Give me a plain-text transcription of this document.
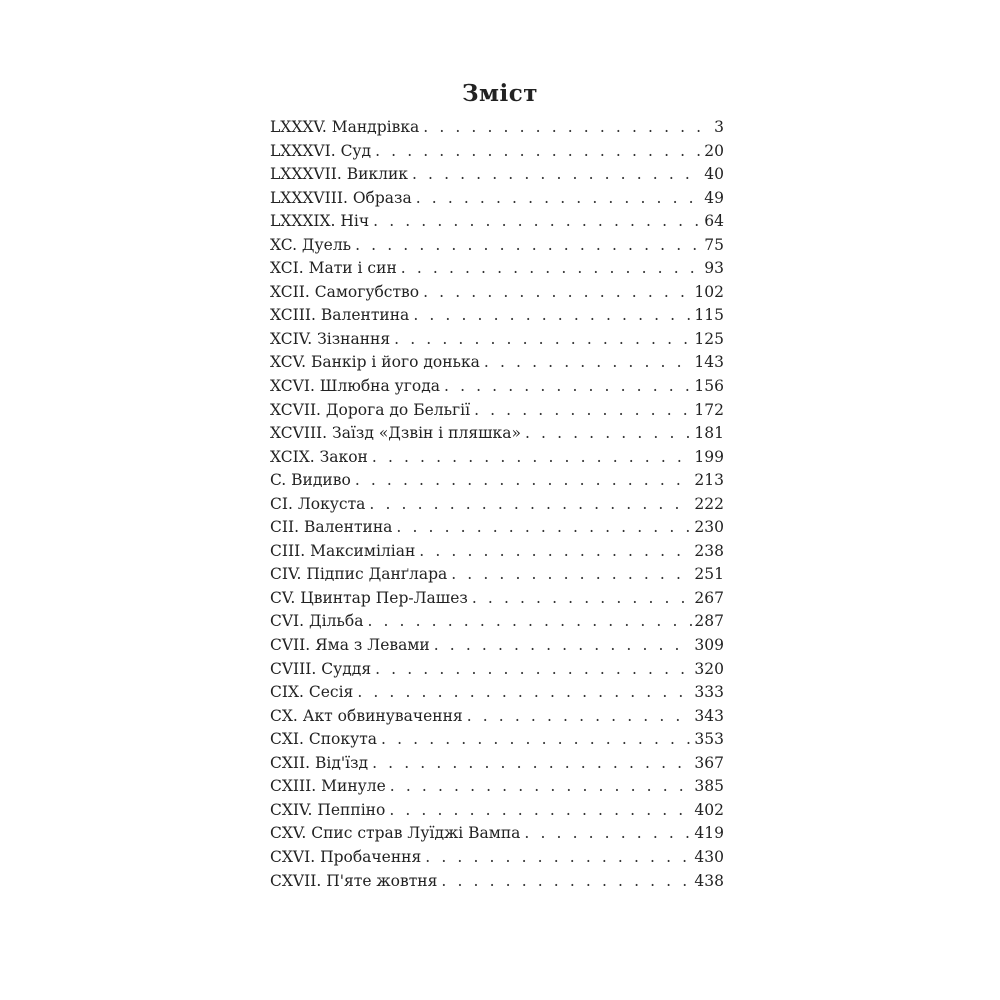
Зміст
LXXXV. Мандрівка . . .	3
LXXXVI. Суд . . .	20
LXXXVII. Виклик . . .	40
LXXXVIII. Образа . . .	49
LXXXIX. Ніч . . .	64
XC. Дуель . . .	75
XCI. Мати і син . . .	93
XCII. Самогубство . . .	102
XCIII. Валентина . . .	115
XCIV. Зізнання . . .	125
XCV. Банкір і його донька . . .	143
XCVI. Шлюбна угода . . .	156
XCVII. Дорога до Бельгії . . .	172
XCVIII. Заїзд «Дзвін і пляшка» . . .	181
XCIX. Закон . . .	199
C. Видиво . . .	213
CI. Локуста . . .	222
CII. Валентина . . .	230
CIII. Максиміліан . . .	238
CIV. Підпис Данґлара . . .	251
CV. Цвинтар Пер-Лашез . . .	267
CVI. Дільба . . .	287
CVII. Яма з Левами . . .	309
CVIII. Суддя . . .	320
CIX. Сесія . . .	333
CX. Акт обвинувачення . . .	343
CXI. Спокута . . .	353
CXII. Від'їзд . . .	367
CXIII. Минуле . . .	385
CXIV. Пеппіно . . .	402
CXV. Спис страв Луїджі Вампа . . .	419
CXVI. Пробачення . . .	430
CXVII. П'яте жовтня . . .	438
